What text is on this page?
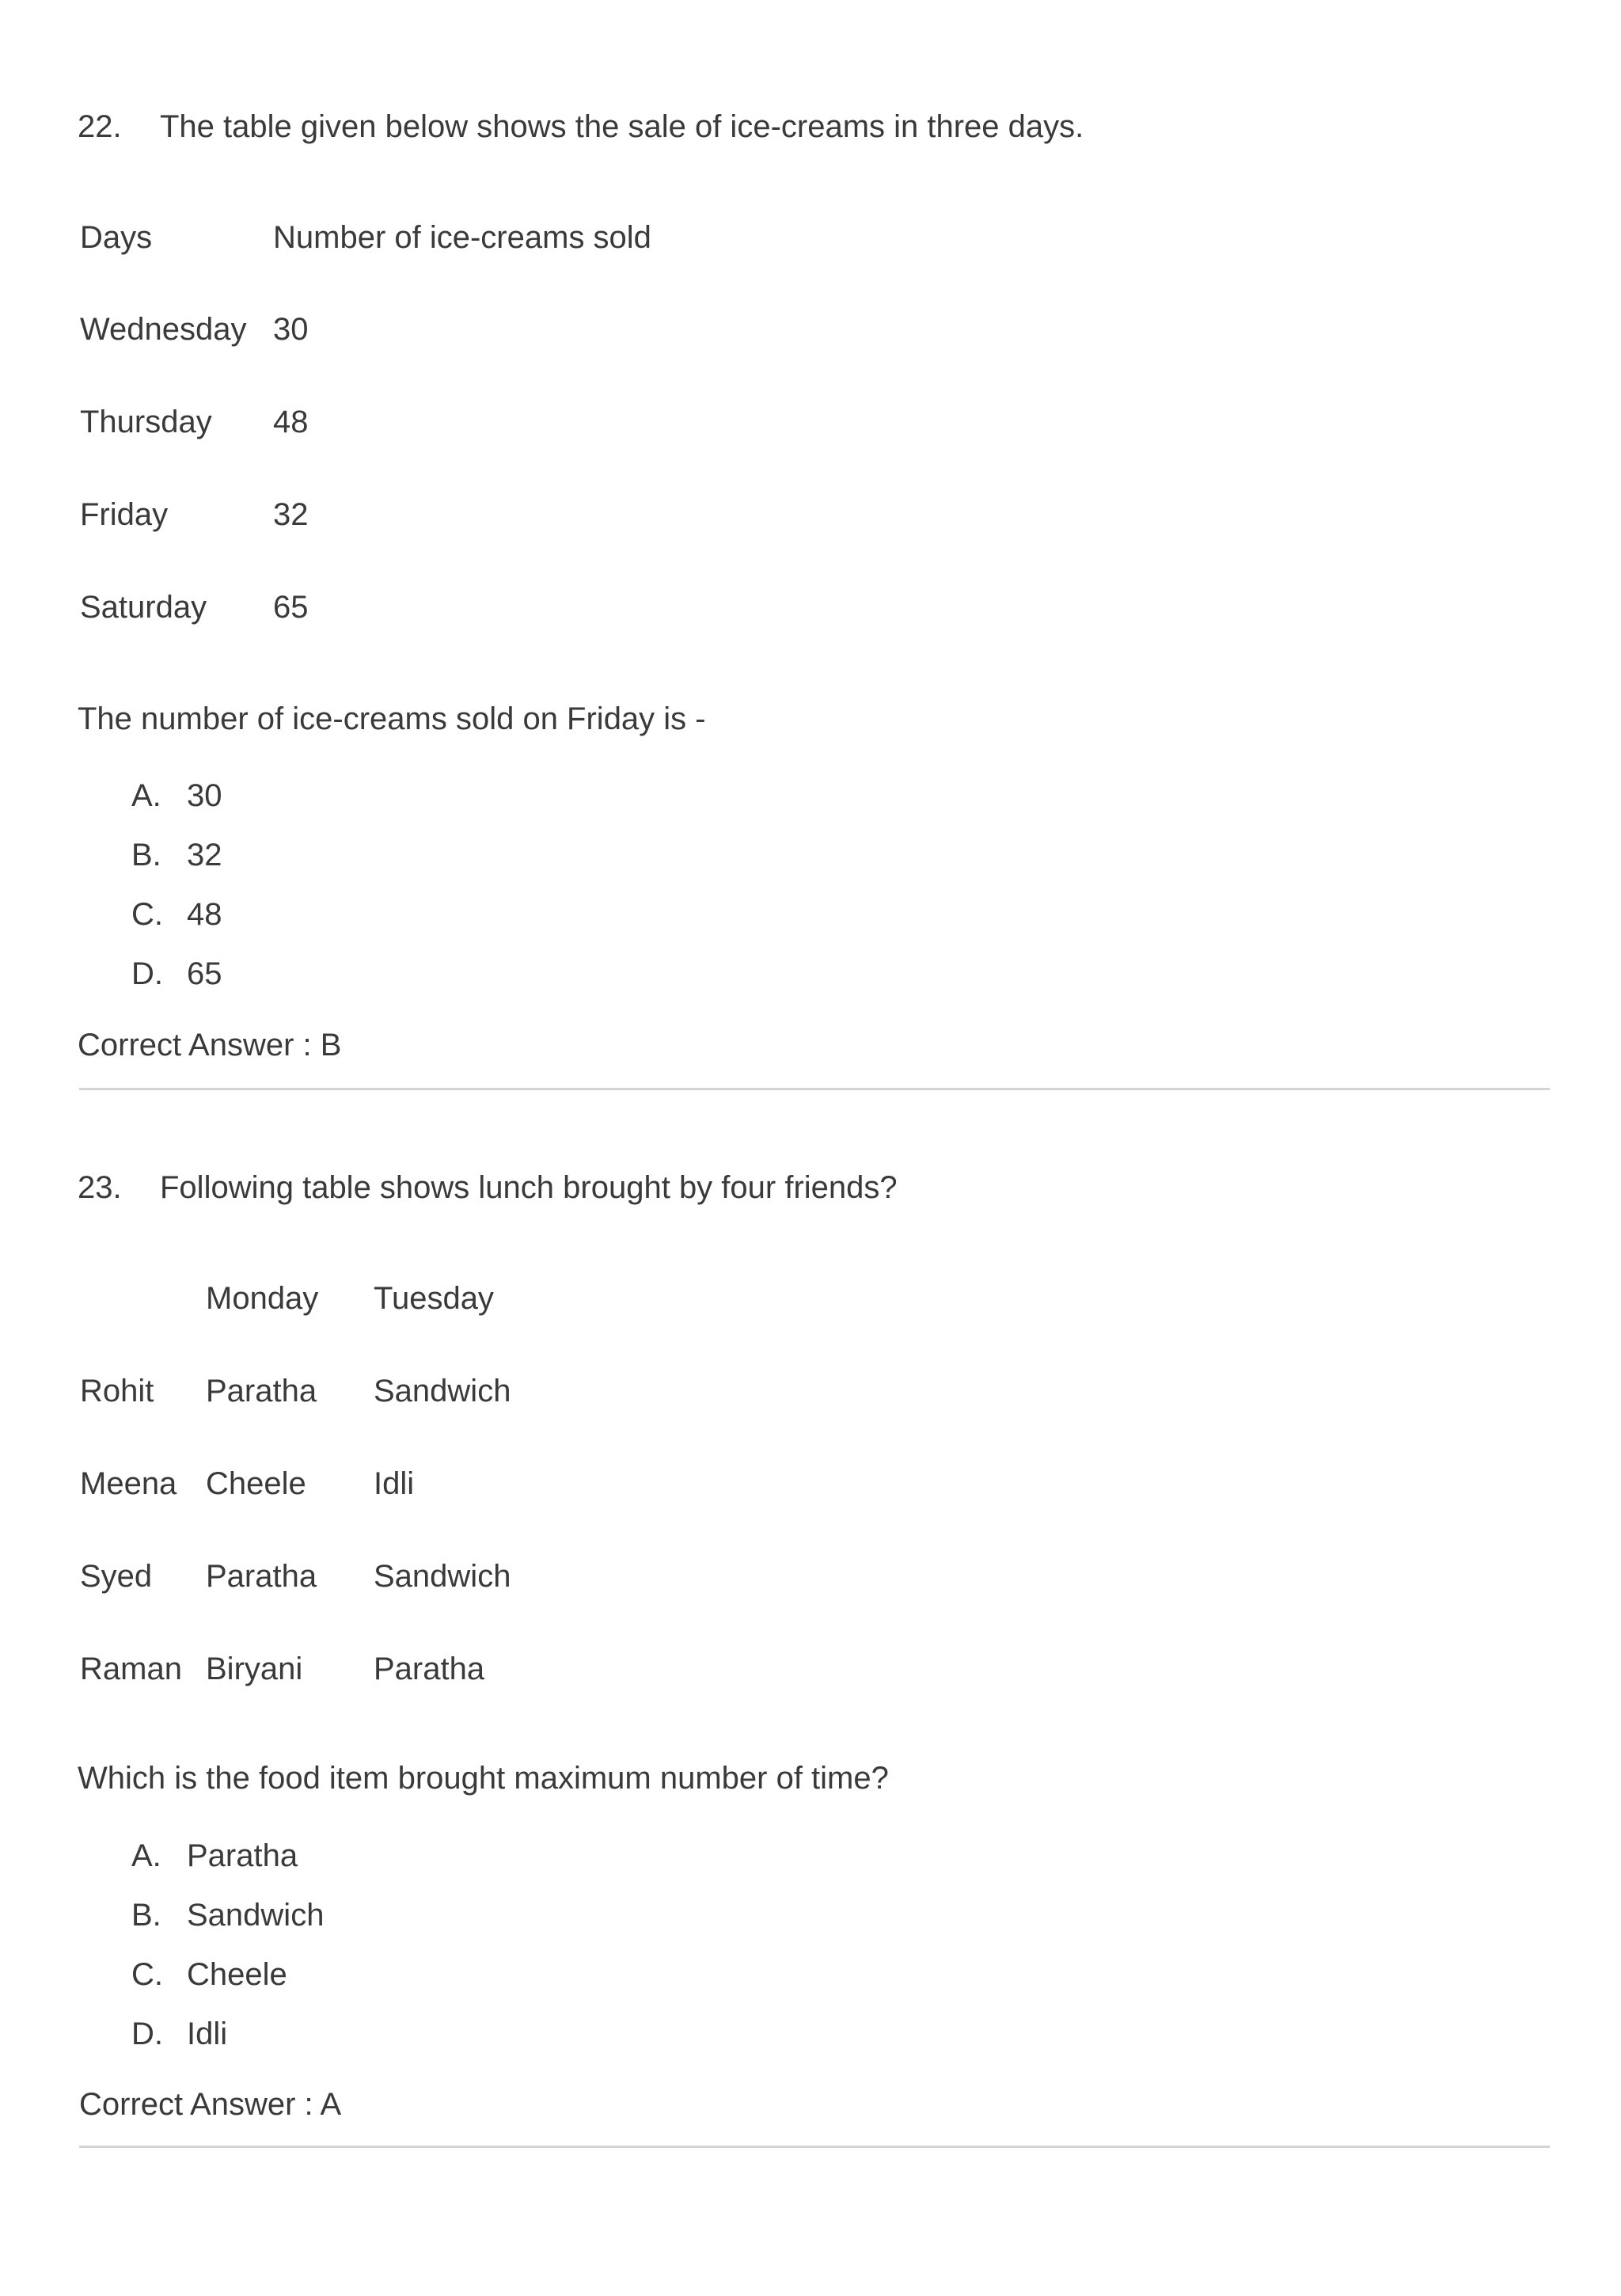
22. The table given below shows the sale of ice-creams in three days.
Days	Number of ice-creams sold
Wednesday 30
Thursday 48
Friday	32
Saturday 65
The number of ice-creams sold on Friday is -
A. 30
B. 32
C. 48
D. 65
Correct Answer : B
23. Following table shows lunch brought by four friends?
Monday Tuesday
Rohit Paratha Sandwich
Meena Cheele Idli
Syed Paratha Sandwich
Raman Biryani Paratha
Which is the food item brought maximum number of time?
A. Paratha
B. Sandwich
C. Cheele
D. Idli
Correct Answer : A
